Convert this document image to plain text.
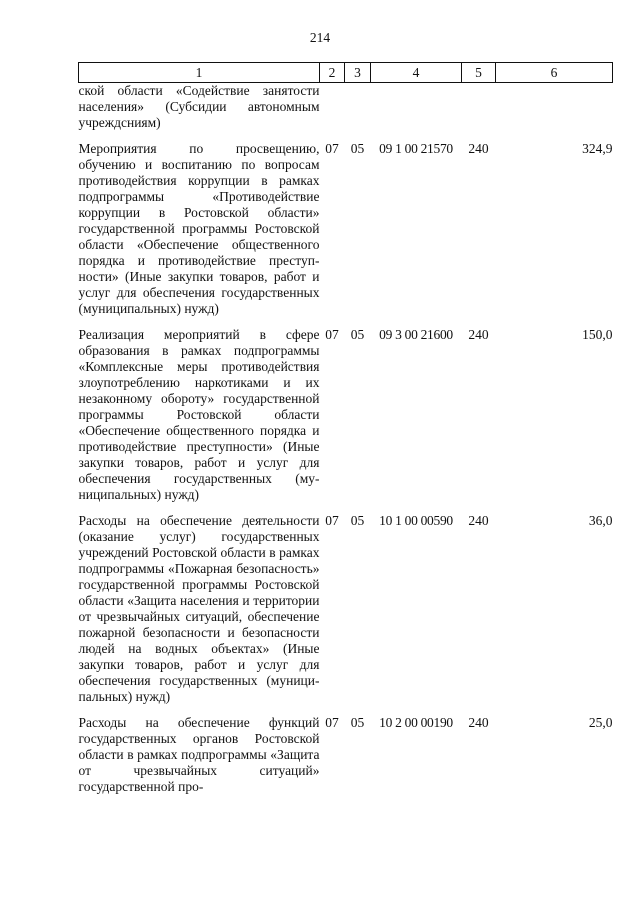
214
1	2	3	4	5	6
ской области «Содействие занятости населения» (Субсидии автономным учреждсниям)					
Мероприятия по просвещению, обучению и воспитанию по вопросам противодействия коррупции в рамках подпрограммы «Противодействие коррупции в Ростовской области» государственной программы Ростовской области «Обеспечение общественного порядка и противодействие преступности» (Иные закупки товаров, работ и услуг для обеспечения государственных (муниципальных) нужд)	07	05	09 1 00 21570	240	324,9
Реализация мероприятий в сфере образования в рамках подпрограммы «Комплексные меры противодействия злоупотреблению наркотиками и их незаконному обороту» государственной программы Ростовской области «Обеспечение общественного порядка и противодействие преступности» (Иные закупки товаров, работ и услуг для обеспечения государственных (муниципальных) нужд)	07	05	09 3 00 21600	240	150,0
Расходы на обеспечение деятельности (оказание услуг) государственных учреждений Ростовской области в рамках подпрограммы «Пожарная безопасность» государственной программы Ростовской области «Защита населения и территории от чрезвычайных ситуаций, обеспечение пожарной безопасности и безопасности людей на водных объектах» (Иные закупки товаров, работ и услуг для обеспечения государственных (муниципальных) нужд)	07	05	10 1 00 00590	240	36,0
Расходы на обеспечение функций государственных органов Ростовской области в рамках подпрограммы «Защита от чрезвычайных ситуаций» государственной про-	07	05	10 2 00 00190	240	25,0
